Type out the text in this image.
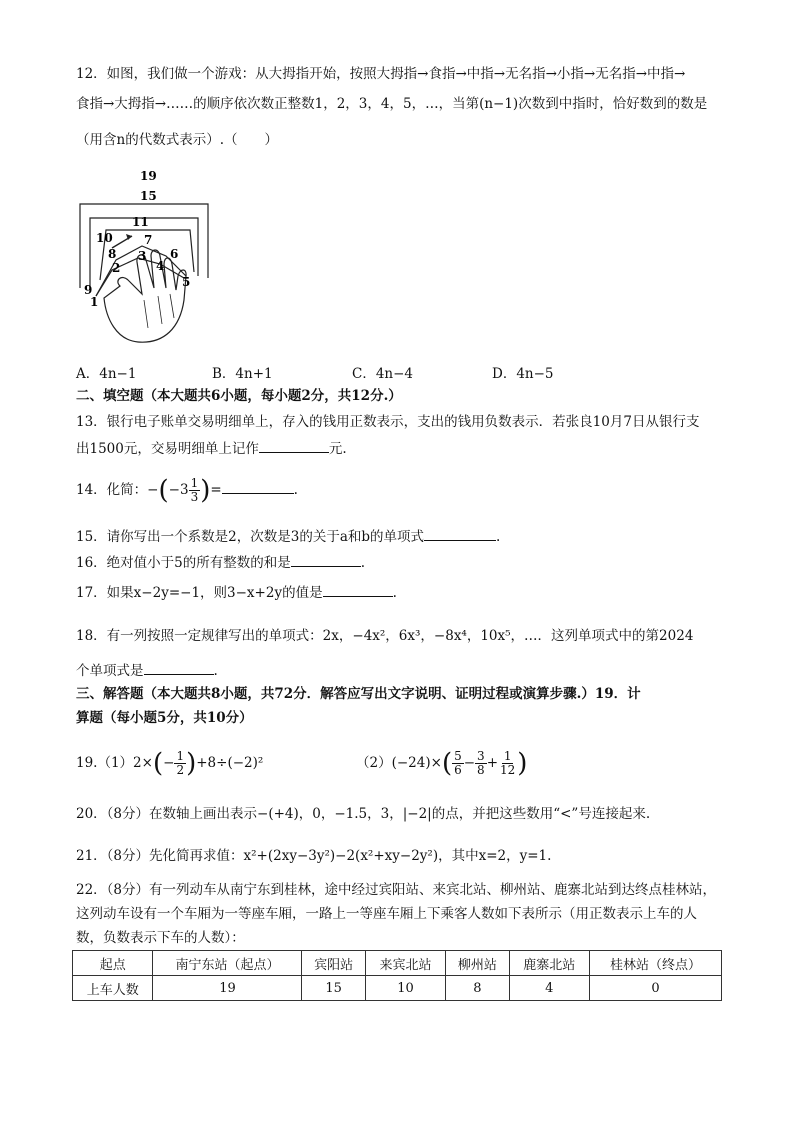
12．如图，我们做一个游戏：从大拇指开始，按照大拇指→食指→中指→无名指→小指→无名指→中指→
食指→大拇指→……的顺序依次数正整数1，2，3，4，5，…，当第(n−1)次数到中指时，恰好数到的数是
（用含n的代数式表示）.（　　）
19
15
11
10
8
7
6
2
3
4
5
9
1
A．4n−1	B．4n+1	C．4n−4	D．4n−5
二、填空题（本大题共6小题，每小题2分，共12分.）
13．银行电子账单交易明细单上，存入的钱用正数表示，支出的钱用负数表示．若张良10月7日从银行支
出1500元，交易明细单上记作	元.
14．化简：$-(-3 \frac{1}{3}$ )=	.
15．请你写出一个系数是2，次数是3的关于a和b的单项式	.
16．绝对值小于5的所有整数的和是	.
17．如果x−2y=−1，则3−x+2y的值是	.
18．有一列按照一定规律写出的单项式：2x，−4x²，6x³，−8x⁴，10x⁵，…．这列单项式中的第2024
个单项式是	.
三、解答题（本大题共8小题，共72分．解答应写出文字说明、证明过程或演算步骤.）19．计
算题（每小题5分，共10分）
$19.(1)2\times(- \frac{1}{2} )+8\div(-2)^2$	$(2)(-24)\times( \frac{5}{6} - \frac{3}{8} + \frac{1}{12}$ )
20．（8分）在数轴上画出表示−(+4)，0，−1.5，3，|−2|的点，并把这些数用“<”号连接起来.
21．（8分）先化简再求值：x²+(2xy−3y²)−2(x²+xy−2y²)，其中x=2，y=1.
22．（8分）有一列动车从南宁东到桂林，途中经过宾阳站、来宾北站、柳州站、鹿寨北站到达终点桂林站，
这列动车设有一个车厢为一等座车厢，一路上一等座车厢上下乘客人数如下表所示（用正数表示上车的人
数，负数表示下车的人数）：
起点	南宁东站（起点）	宾阳站	来宾北站	柳州站	鹿寨北站	桂林站（终点）
上车人数	19	15	10	8	4	0
